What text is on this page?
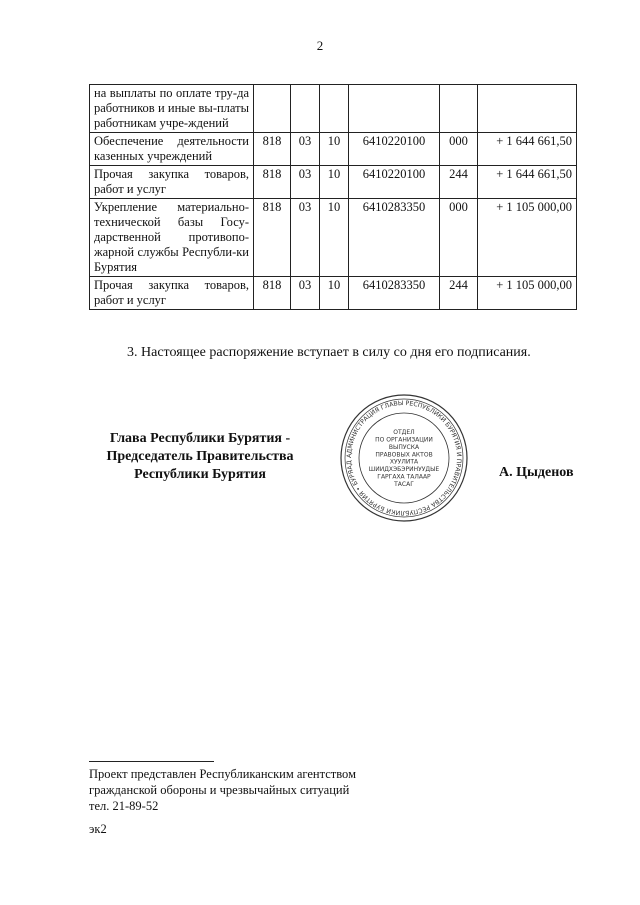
2
на выплаты по оплате тру-да работников и иные вы-платы работникам учре-ждений						
Обеспечение деятельности казенных учреждений	818	03	10	6410220100	000	+ 1 644 661,50
Прочая закупка товаров, работ и услуг	818	03	10	6410220100	244	+ 1 644 661,50
Укрепление материально-технической базы Госу-дарственной противопо-жарной службы Республи-ки Бурятия	818	03	10	6410283350	000	+ 1 105 000,00
Прочая закупка товаров, работ и услуг	818	03	10	6410283350	244	+ 1 105 000,00
3. Настоящее распоряжение вступает в силу со дня его подписания.
Глава Республики Бурятия -
Председатель Правительства
Республики Бурятия
АДМИНИСТРАЦИЯ ГЛАВЫ РЕСПУБЛИКИ БУРЯТИЯ И ПРАВИТЕЛЬСТВА РЕСПУБЛИКИ БУРЯТИЯ • БУРЯАД
ОТДЕЛ
ПО ОРГАНИЗАЦИИ
ВЫПУСКА
ПРАВОВЫХ АКТОВ
ХУУЛИТА
ШИИДХЭБЭРИНУУДЫЕ
ГАРГАХА ТАЛААР
ТАСАГ
А. Цыденов
Проект представлен Республиканским агентством
гражданской обороны и чрезвычайных ситуаций
тел. 21-89-52
эк2
